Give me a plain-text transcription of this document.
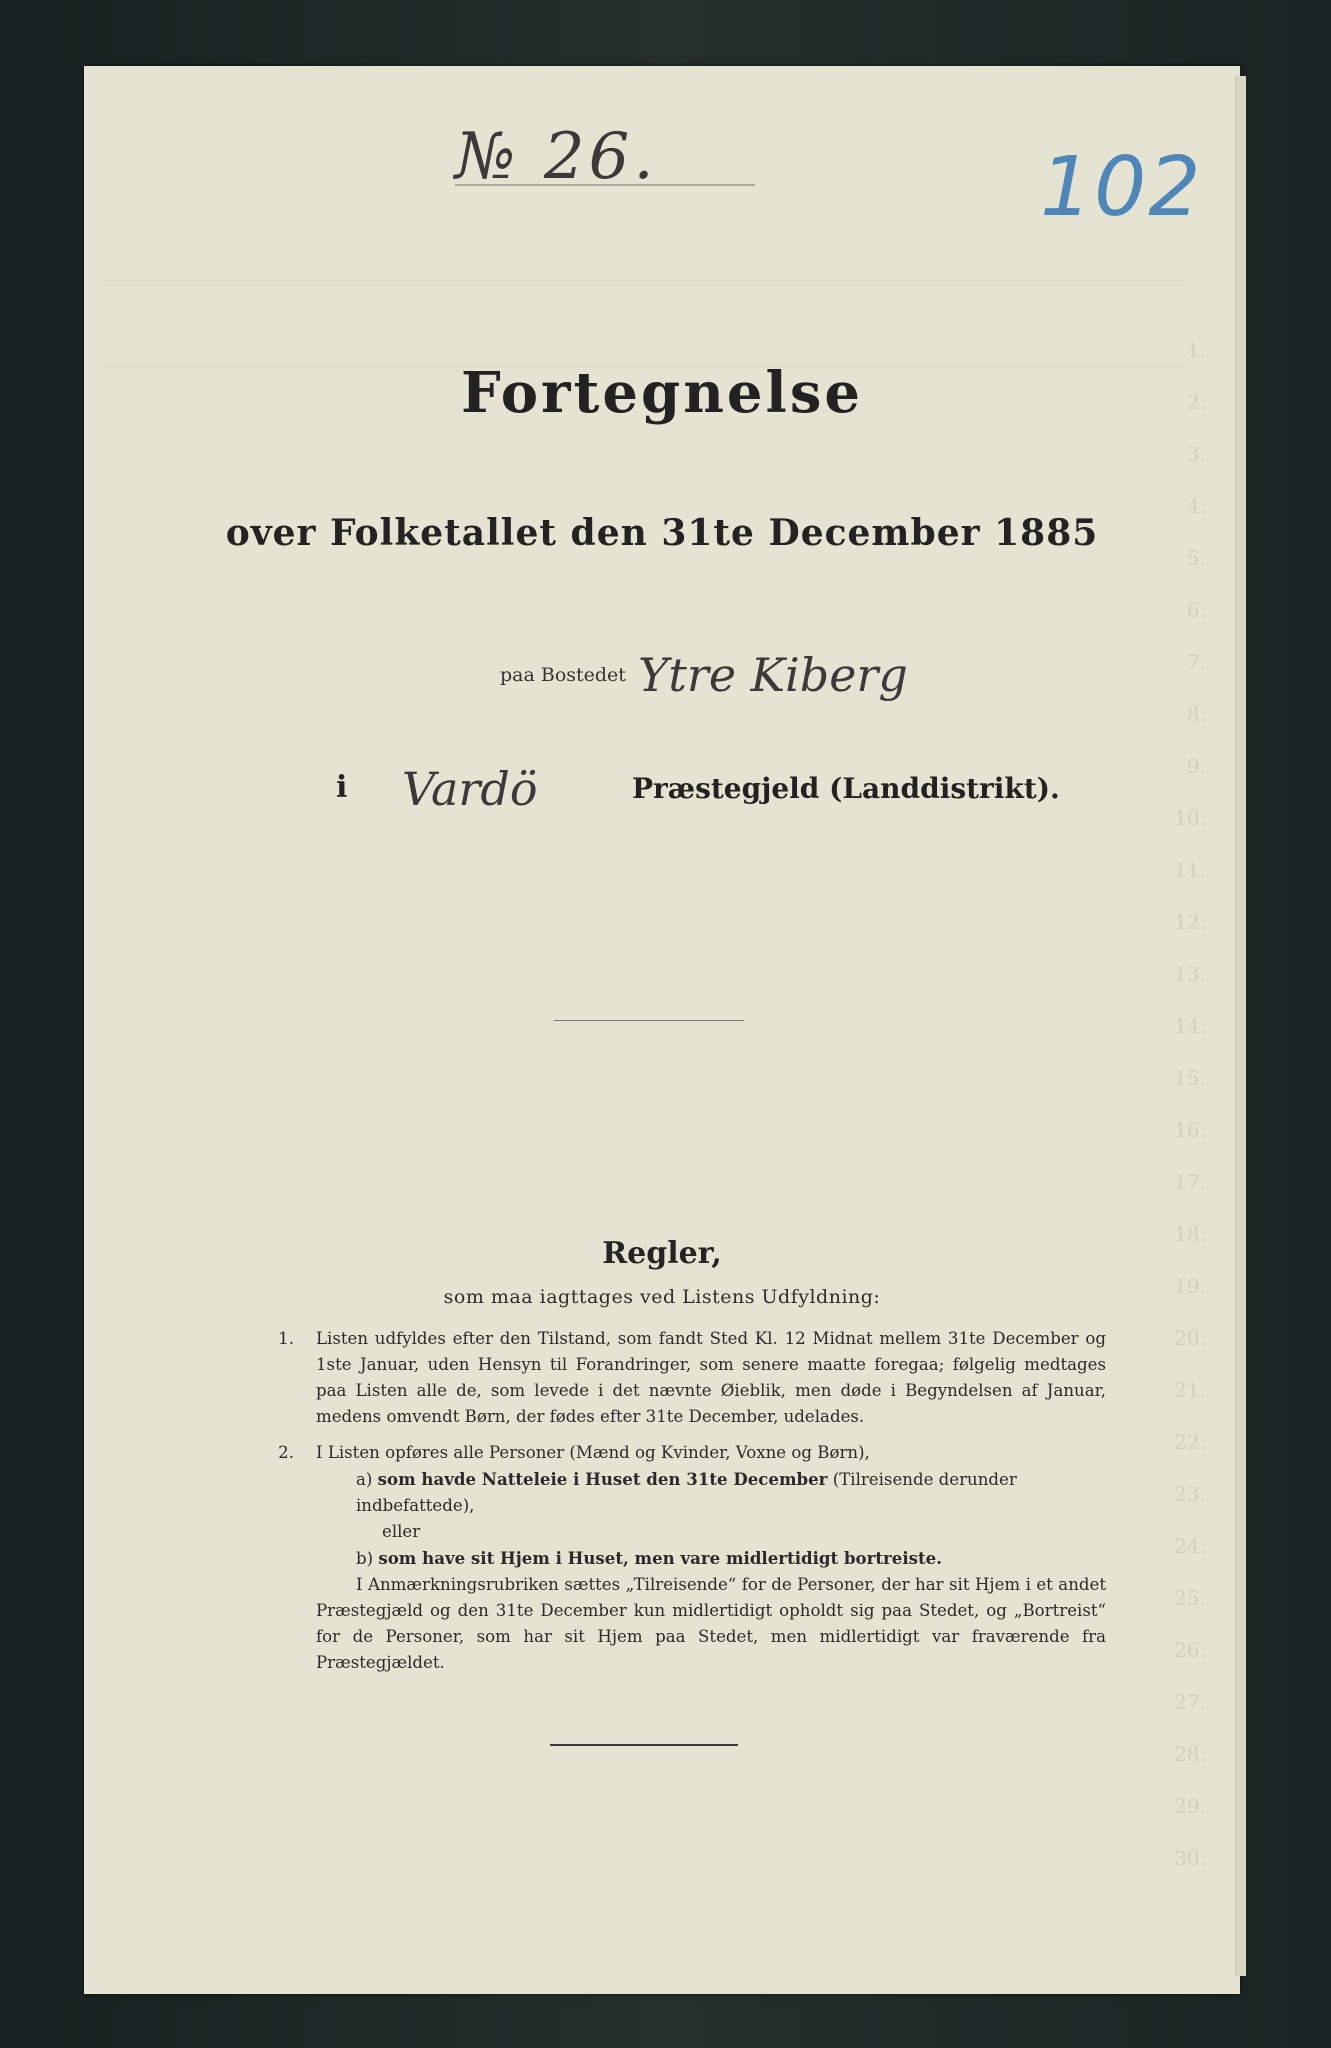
1.
2.
3.
4.
5.
6.
7.
8.
9.
10.
11.
12.
13.
14.
15.
16.
17.
18.
19.
20.
21.
22.
23.
24.
25.
26.
27.
28.
29.
30.
№ 26.	102
Fortegnelse
over Folketallet den 31te December 1885
paa Bostedet Ytre Kiberg
i Vardö	Præstegjeld (Landdistrikt).
Regler,
som maa iagttages ved Listens Udfyldning:
1. Listen udfyldes efter den Tilstand, som fandt Sted Kl. 12 Midnat mellem 31te December og 1ste Januar, uden Hensyn til Forandringer, som senere maatte foregaa; følgelig medtages paa Listen alle de, som levede i det nævnte Øieblik, men døde i Begyndelsen af Januar, medens omvendt Børn, der fødes efter 31te December, udelades.
2. I Listen opføres alle Personer (Mænd og Kvinder, Voxne og Børn),
a) som havde Natteleie i Huset den 31te December (Tilreisende derunder indbefattede),
eller
b) som have sit Hjem i Huset, men vare midlertidigt bortreiste.
I Anmærkningsrubriken sættes „Tilreisende“ for de Personer, der har sit Hjem i et andet Præstegjæld og den 31te December kun midlertidigt opholdt sig paa Stedet, og „Bortreist“ for de Personer, som har sit Hjem paa Stedet, men midlertidigt var fraværende fra Præstegjældet.
